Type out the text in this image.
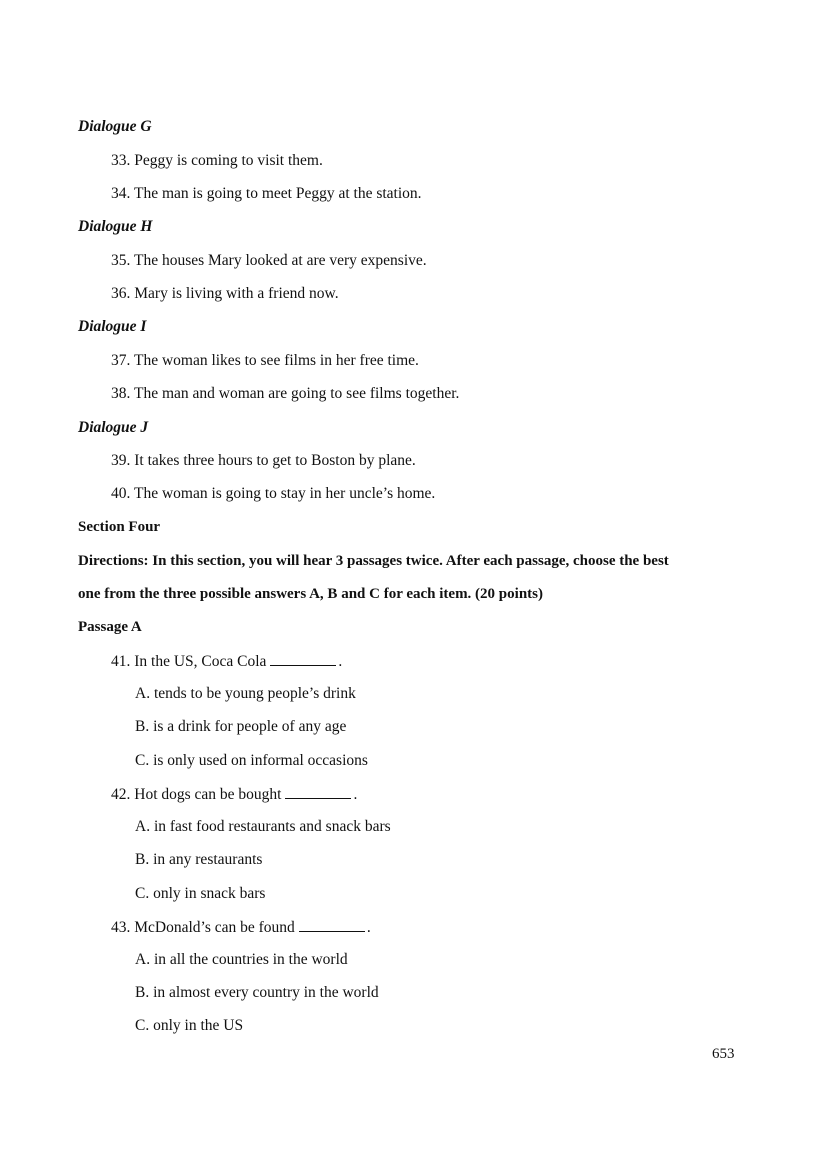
Dialogue G
33. Peggy is coming to visit them.
34. The man is going to meet Peggy at the station.
Dialogue H
35. The houses Mary looked at are very expensive.
36. Mary is living with a friend now.
Dialogue I
37. The woman likes to see films in her free time.
38. The man and woman are going to see films together.
Dialogue J
39. It takes three hours to get to Boston by plane.
40. The woman is going to stay in her uncle’s home.
Section Four
Directions: In this section, you will hear 3 passages twice. After each passage, choose the best
one from the three possible answers A, B and C for each item. (20 points)
Passage A
41. In the US, Coca Cola	.
A. tends to be young people’s drink
B. is a drink for people of any age
C. is only used on informal occasions
42. Hot dogs can be bought	.
A. in fast food restaurants and snack bars
B. in any restaurants
C. only in snack bars
43. McDonald’s can be found	.
A. in all the countries in the world
B. in almost every country in the world
C. only in the US
653
